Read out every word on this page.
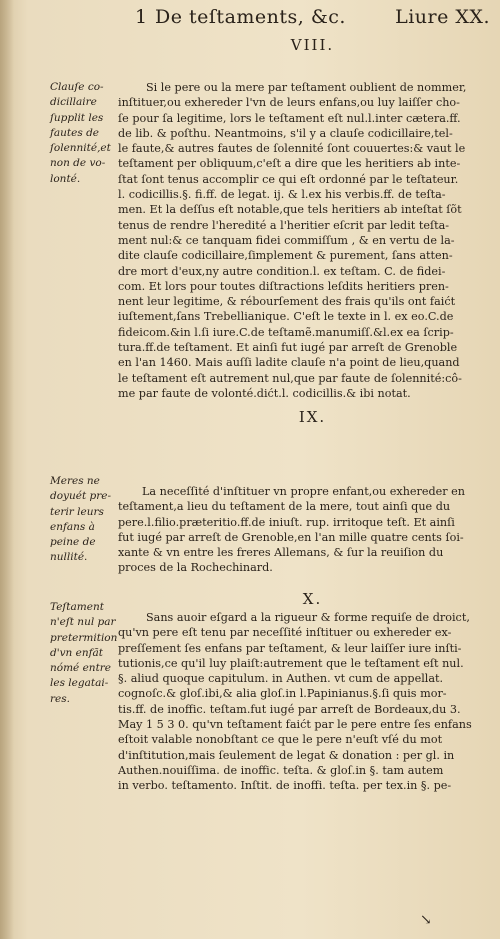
1 De teſtaments, &c.	Liure XX.
VIII.
Clauſe co-
dicillaire
ſupplit les
fautes de
ſolennité,et
non de vo-
lonté.
Si le pere ou la mere par teſtament oublient de nommer,
inſtituer,ou exhereder l'vn de leurs enfans,ou luy laiſſer cho-
ſe pour ſa legitime, lors le teſtament eſt nul.l.inter cætera.ff.
de lib. & poſthu. Neantmoins, s'il y a clauſe codicillaire,tel-
le faute,& autres fautes de ſolennité ſont couuertes:& vaut le
teſtament per obliquum,c'eſt a dire que les heritiers ab inte-
ſtat ſont tenus accomplir ce qui eſt ordonné par le teſtateur.
l. codicillis.§. fi.ff. de legat. ij. & l.ex his verbis.ff. de teſta-
men. Et la deſſus eſt notable,que tels heritiers ab inteſtat ſõt
tenus de rendre l'heredité a l'heritier eſcrit par ledit teſta-
ment nul:& ce tanquam fidei commiſſum , & en vertu de la-
dite clauſe codicillaire,ſimplement & purement, ſans atten-
dre mort d'eux,ny autre condition.l. ex teſtam. C. de fidei-
com. Et lors pour toutes diſtractions leſdits heritiers pren-
nent leur legitime, & rébourſement des frais qu'ils ont faićt
iuſtement,ſans Trebellianique. C'eſt le texte in l. ex eo.C.de
fideicom.&in l.ſi iure.C.de teſtamẽ.manumiſſ.&l.ex ea ſcrip-
tura.ff.de teſtament. Et ainſi fut iugé par arreſt de Grenoble
en l'an 1460. Mais auſſi ladite clauſe n'a point de lieu,quand
le teſtament eſt autrement nul,que par faute de ſolennité:cô-
me par faute de volonté.dićt.l. codicillis.& ibi notat.
IX.
Meres ne
doyuét pre-
terir leurs
enfans à
peine de
nullité.
La neceſſité d'inſtituer vn propre enfant,ou exhereder en
teſtament,a lieu du teſtament de la mere, tout ainſi que du
pere.l.filio.præteritio.ff.de iniuſt. rup. irritoque teſt. Et ainſi
fut iugé par arreſt de Grenoble,en l'an mille quatre cents ſoi-
xante & vn entre les freres Allemans, & ſur la reuiſion du
proces de la Rochechinard.
X.
Teſtament
n'eſt nul par
pretermition
d'vn enfãt
nómé entre
les legatai-
res.
Sans auoir eſgard a la rigueur & forme requiſe de droict,
qu'vn pere eſt tenu par neceſſité inſtituer ou exhereder ex-
preſſement ſes enfans par teſtament, & leur laiſſer iure inſti-
tutionis,ce qu'il luy plaiſt:autrement que le teſtament eſt nul.
§. aliud quoque capitulum. in Authen. vt cum de appellat.
cognoſc.& gloſ.ibi,& alia gloſ.in l.Papinianus.§.ſi quis mor-
tis.ff. de inoffic. teſtam.fut iugé par arreſt de Bordeaux,du 3.
May 1 5 3 0. qu'vn teſtament faićt par le pere entre ſes enfans
eſtoit valable nonobſtant ce que le pere n'euſt vſé du mot
d'inſtitution,mais ſeulement de legat & donation : per gl. in
Authen.nouiſſima. de inoffic. teſta. & gloſ.in §. tam autem
in verbo. teſtamento. Inſtit. de inoffi. teſta. per tex.in §. pe-
↘
